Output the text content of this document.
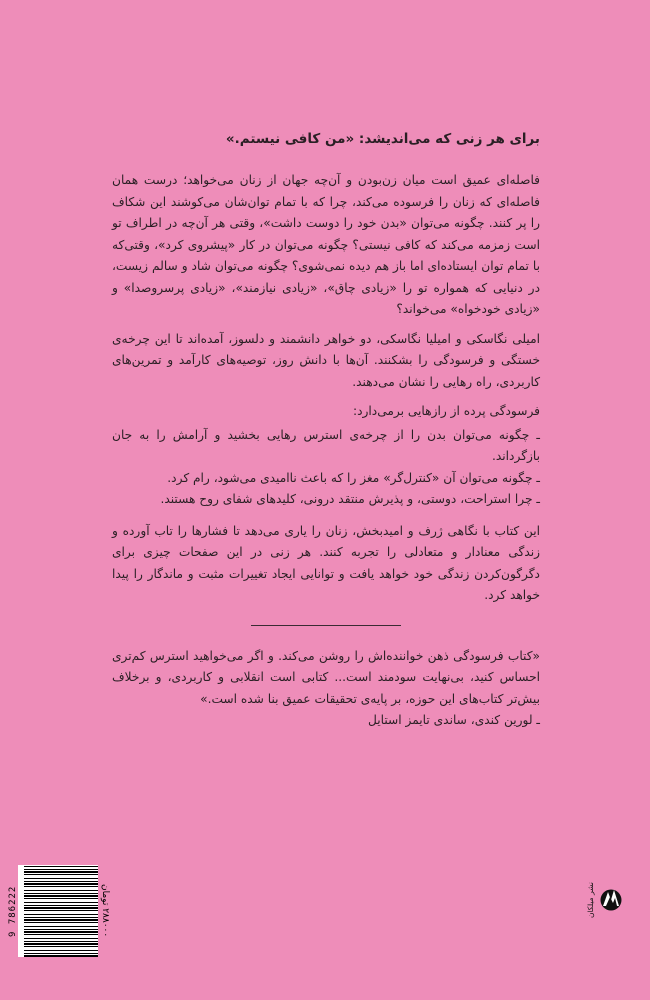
برای هر زنی که می‌اندیشد: «من کافی نیستم.»

فاصله‌ای عمیق است میان زن‌بودن و آن‌چه جهان از زنان می‌خواهد؛ درست همان فاصله‌ای که زنان را فرسوده می‌کند، چرا که با تمام توان‌شان می‌کوشند این شکاف را پر کنند. چگونه می‌توان «بدن خود را دوست داشت»، وقتی هر آن‌چه در اطراف تو است زمزمه می‌کند که کافی نیستی؟ چگونه می‌توان در کار «پیشروی کرد»، وقتی‌که با تمام توان ایستاده‌ای اما باز هم دیده نمی‌شوی؟ چگونه می‌توان شاد و سالم زیست، در دنیایی که همواره تو را «زیادی چاق»، «زیادی نیازمند»، «زیادی پرسروصدا» و «زیادی خودخواه» می‌خواند؟

امیلی نگاسکی و امیلیا نگاسکی، دو خواهر دانشمند و دلسوز، آمده‌اند تا این چرخه‌ی خستگی و فرسودگی را بشکنند. آن‌ها با دانش روز، توصیه‌های کارآمد و تمرین‌های کاربردی، راه رهایی را نشان می‌دهند.

فرسودگی پرده از رازهایی برمی‌دارد:

ـ چگونه می‌توان بدن را از چرخه‌ی استرس رهایی بخشید و آرامش را به جان بازگرداند.
ـ چگونه می‌توان آن «کنترل‌گر» مغز را که باعث ناامیدی می‌شود، رام کرد.
ـ چرا استراحت، دوستی، و پذیرش منتقد درونی، کلیدهای شفای روح هستند.

این کتاب با نگاهی ژرف و امیدبخش، زنان را یاری می‌دهد تا فشارها را تاب آورده و زندگی معنادار و متعادلی را تجربه کنند. هر زنی در این صفحات چیزی برای دگرگون‌کردن زندگی خود خواهد یافت و توانایی ایجاد تغییرات مثبت و ماندگار را پیدا خواهد کرد.

«کتاب فرسودگی ذهن خواننده‌اش را روشن می‌کند. و اگر می‌خواهید استرس کم‌تری احساس کنید، بی‌نهایت سودمند است... کتابی است انقلابی و کاربردی، و برخلاف بیش‌تر کتاب‌های این حوزه، بر پایه‌ی تحقیقات عمیق بنا شده است.»

ـ لورین کندی، ساندی تایمز استایل

9 786222	۲۸۸۰۰۰ تومان
نشر میلکان
